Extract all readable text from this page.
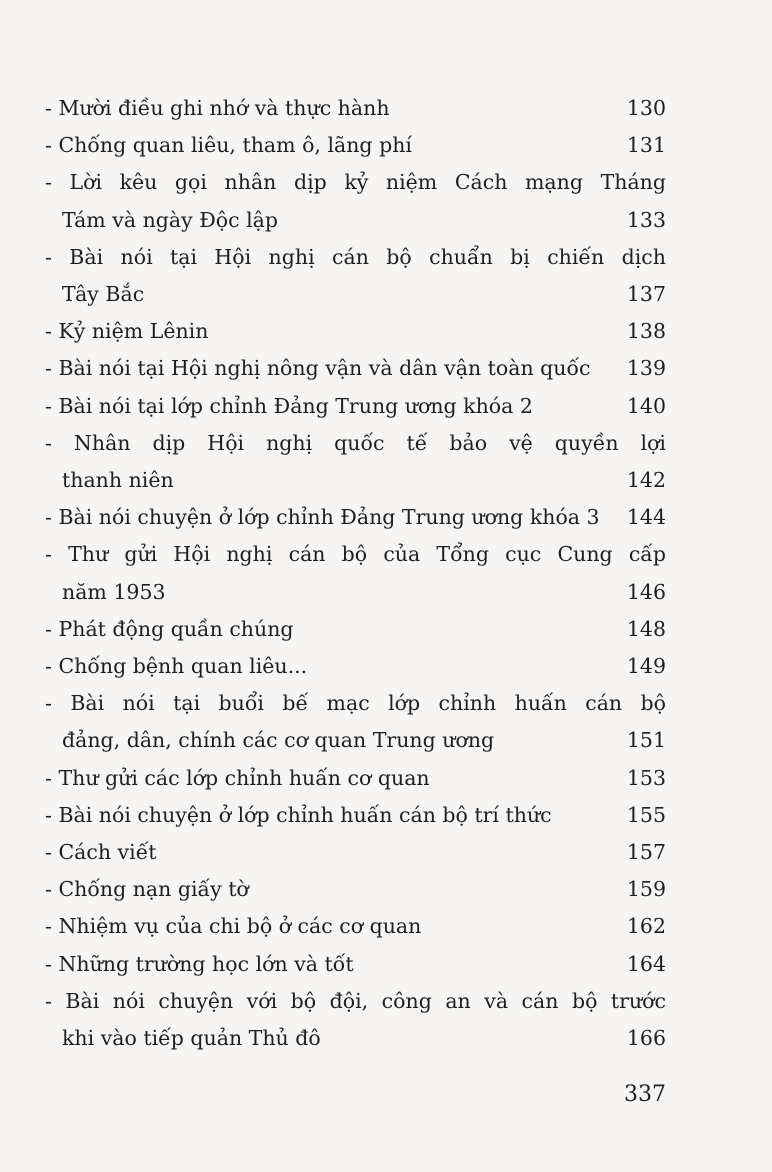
- Mười điều ghi nhớ và thực hành	130
- Chống quan liêu, tham ô, lãng phí	131
- Lời kêu gọi nhân dịp kỷ niệm Cách mạng Tháng
Tám và ngày Độc lập	133
- Bài nói tại Hội nghị cán bộ chuẩn bị chiến dịch
Tây Bắc	137
- Kỷ niệm Lênin	138
- Bài nói tại Hội nghị nông vận và dân vận toàn quốc 139
- Bài nói tại lớp chỉnh Đảng Trung ương khóa 2	140
- Nhân dịp Hội nghị quốc tế bảo vệ quyền lợi
thanh niên	142
- Bài nói chuyện ở lớp chỉnh Đảng Trung ương khóa 3 144
- Thư gửi Hội nghị cán bộ của Tổng cục Cung cấp
năm 1953	146
- Phát động quần chúng	148
- Chống bệnh quan liêu...	149
- Bài nói tại buổi bế mạc lớp chỉnh huấn cán bộ
đảng, dân, chính các cơ quan Trung ương	151
- Thư gửi các lớp chỉnh huấn cơ quan	153
- Bài nói chuyện ở lớp chỉnh huấn cán bộ trí thức	155
- Cách viết	157
- Chống nạn giấy tờ	159
- Nhiệm vụ của chi bộ ở các cơ quan	162
- Những trường học lớn và tốt	164
- Bài nói chuyện với bộ đội, công an và cán bộ trước
khi vào tiếp quản Thủ đô	166
337
